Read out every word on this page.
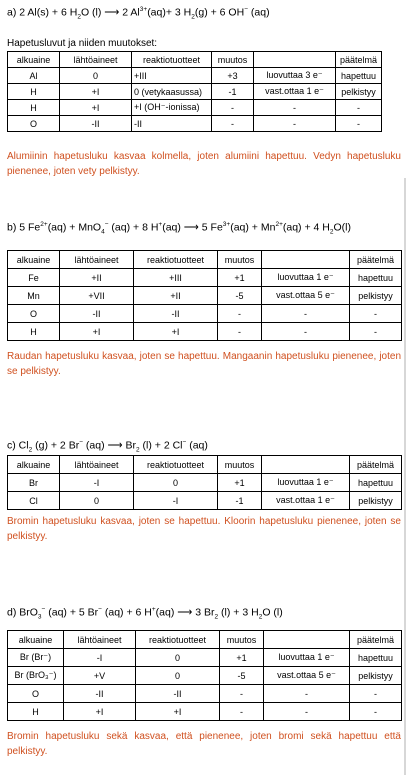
a) 2 Al(s) + 6 $H_2O$ (l) ⟶ 2 $Al^{3+}(aq)+ 3$ $H_2(g) + 6$ OH− (aq)
Hapetusluvut ja niiden muutokset:
alkuaine	lähtöaineet	reaktiotuotteet	muutos		päätelmä
Al	0	+III	+3	luovuttaa 3 e⁻	hapettuu
H	+I	0 (vetykaasussa)	-1	vast.ottaa 1 e⁻	pelkistyy
H	+I	+I (OH⁻-ionissa)	-	-	-
O	-II	-II	-	-	-
Alumiinin hapetusluku kasvaa kolmella, joten alumiini hapettuu. Vedyn hapetusluku pienenee, joten vety pelkistyy.
b) 5 $Fe^{2+}(aq) + MnO_4^-$ (aq) + 8 H+(aq) ⟶ 5 $Fe^{3+}(aq) + Mn^{2+}(aq) + 4$ $H_2O(l)$
alkuaine	lähtöaineet	reaktiotuotteet	muutos		päätelmä
Fe	+II	+III	+1	luovuttaa 1 e⁻	hapettuu
Mn	+VII	+II	-5	vast.ottaa 5 e⁻	pelkistyy
O	-II	-II	-	-	-
H	+I	+I	-	-	-
Raudan hapetusluku kasvaa, joten se hapettuu. Mangaanin hapetusluku pienenee, joten se pelkistyy.
c) $Cl_2$ (g) + 2 Br− (aq) ⟶ $Br_2$ (l) + 2 Cl− (aq)
alkuaine	lähtöaineet	reaktiotuotteet	muutos		päätelmä
Br	-I	0	+1	luovuttaa 1 e⁻	hapettuu
Cl	0	-I	-1	vast.ottaa 1 e⁻	pelkistyy
Bromin hapetusluku kasvaa, joten se hapettuu. Kloorin hapetusluku pienenee, joten se pelkistyy.
d) BrO$_3$− (aq) + 5 Br− (aq) + 6 H+(aq) ⟶ 3 $Br_2$ (l) + 3 $H_2O$ (l)
alkuaine	lähtöaineet	reaktiotuotteet	muutos		päätelmä
Br (Br⁻)	-I	0	+1	luovuttaa 1 e⁻	hapettuu
Br (BrO₃⁻)	+V	0	-5	vast.ottaa 5 e⁻	pelkistyy
O	-II	-II	-	-	-
H	+I	+I	-	-	-
Bromin hapetusluku sekä kasvaa, että pienenee, joten bromi sekä hapettuu että pelkistyy.
